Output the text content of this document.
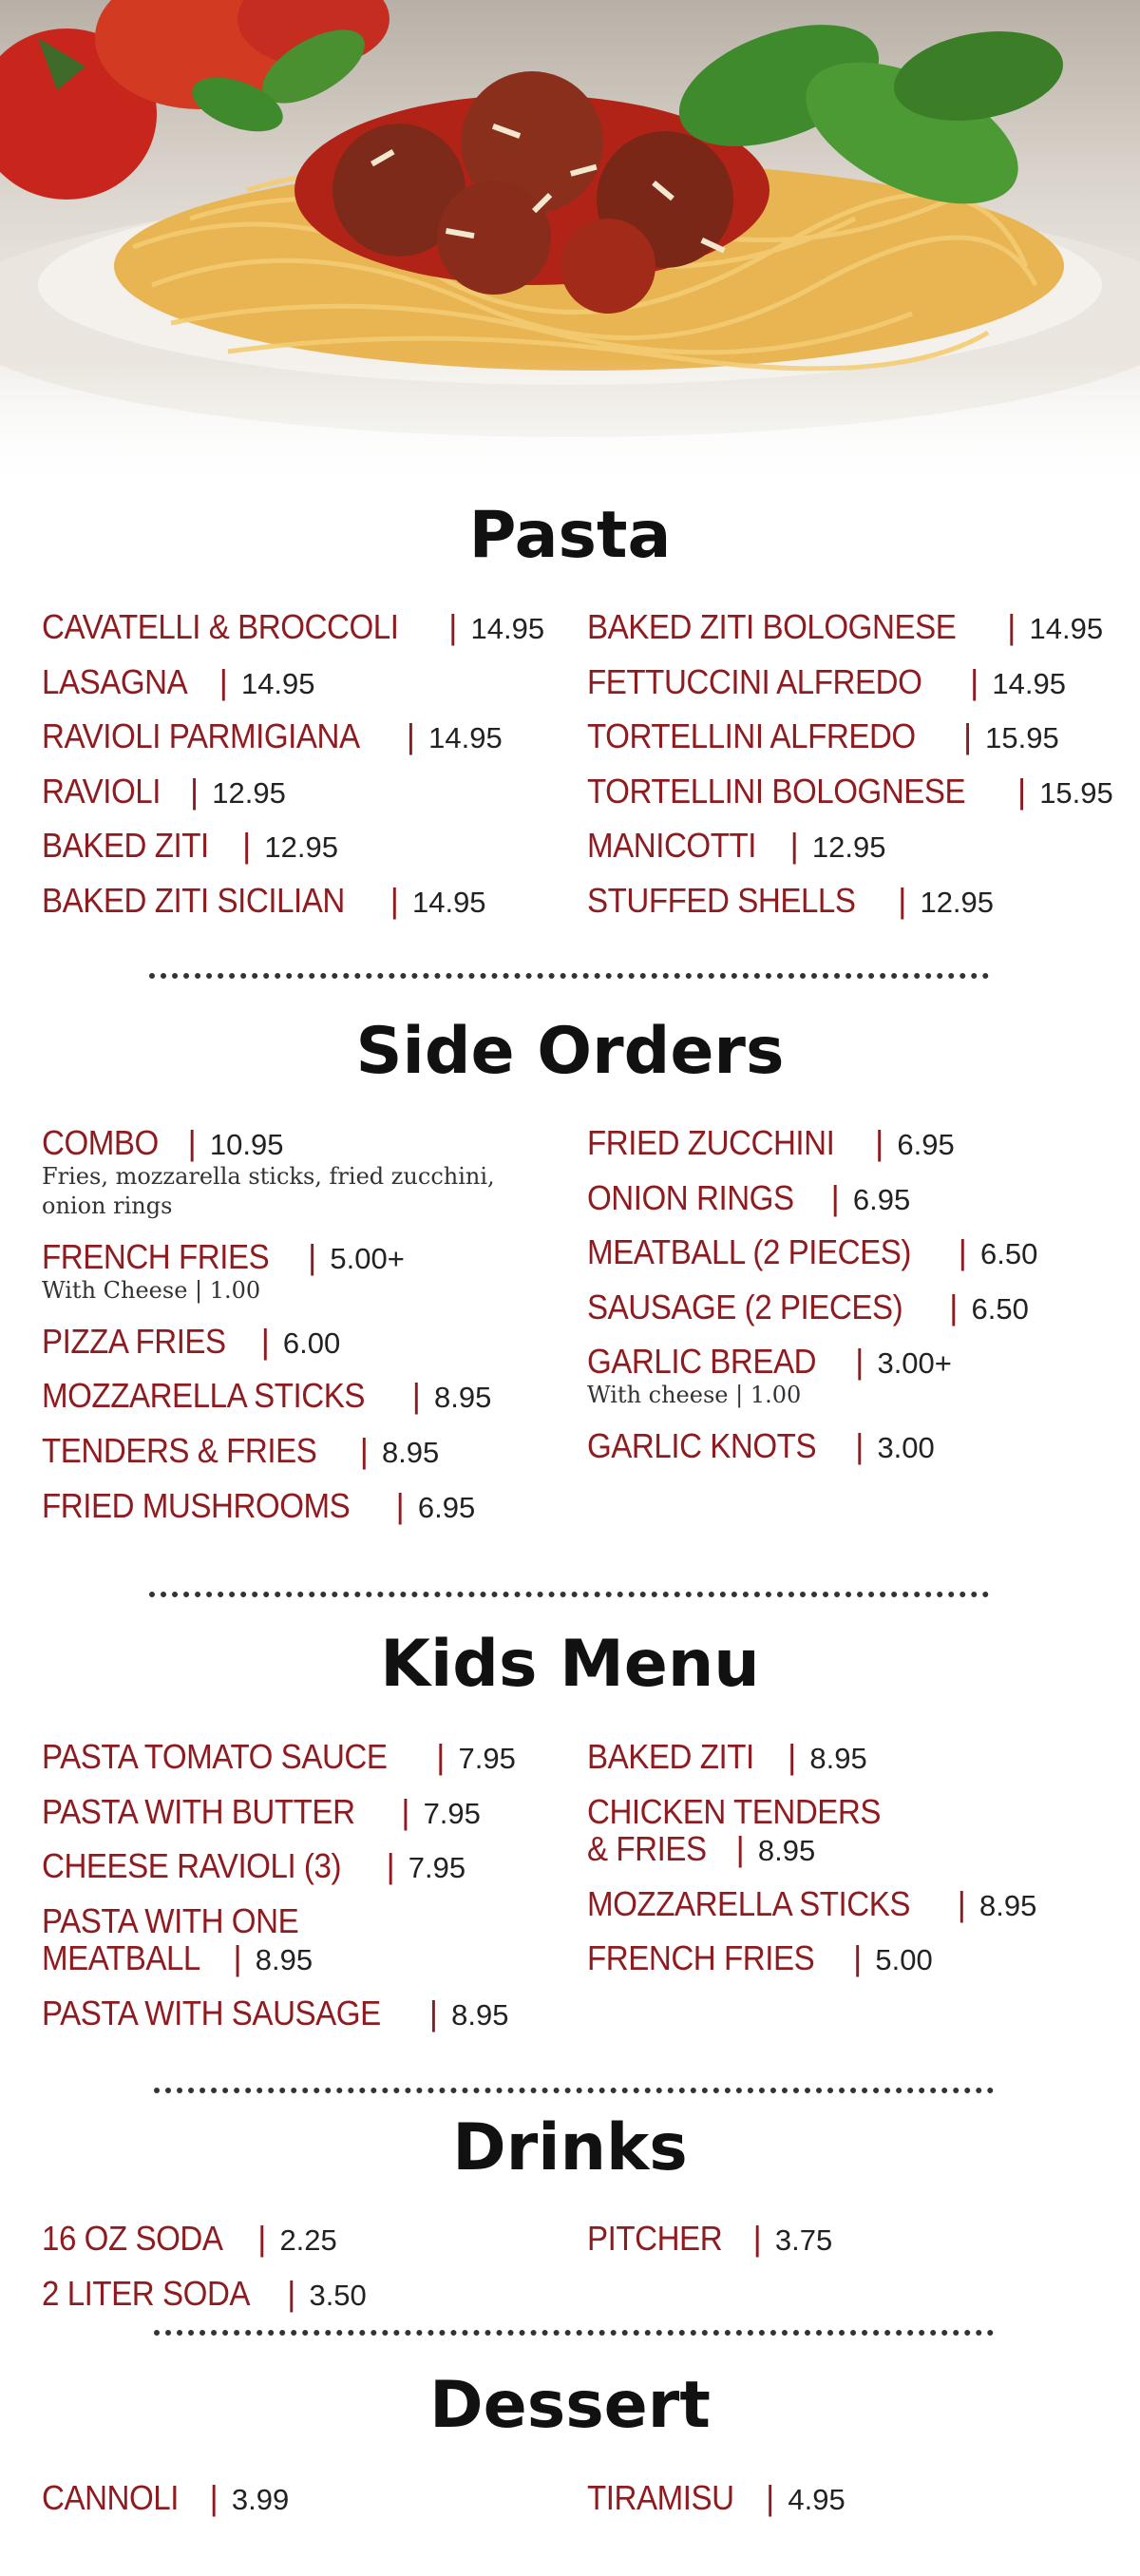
Pasta
CAVATELLI & BROCCOLI  | 14.95
LASAGNA  | 14.95
RAVIOLI PARMIGIANA  | 14.95
RAVIOLI  | 12.95
BAKED ZITI  | 12.95
BAKED ZITI SICILIAN  | 14.95
BAKED ZITI BOLOGNESE  | 14.95
FETTUCCINI ALFREDO  | 14.95
TORTELLINI ALFREDO  | 15.95
TORTELLINI BOLOGNESE  | 15.95
MANICOTTI  | 12.95
STUFFED SHELLS  | 12.95
Side Orders
COMBO  | 10.95
Fries, mozzarella sticks, fried zucchini, onion rings
FRENCH FRIES  | 5.00+
With Cheese | 1.00
PIZZA FRIES  | 6.00
MOZZARELLA STICKS  | 8.95
TENDERS & FRIES  | 8.95
FRIED MUSHROOMS  | 6.95
FRIED ZUCCHINI  | 6.95
ONION RINGS  | 6.95
MEATBALL (2 PIECES)  | 6.50
SAUSAGE (2 PIECES)  | 6.50
GARLIC BREAD  | 3.00+
With cheese | 1.00
GARLIC KNOTS  | 3.00
Kids Menu
PASTA TOMATO SAUCE  | 7.95
PASTA WITH BUTTER  | 7.95
CHEESE RAVIOLI (3)  | 7.95
PASTA WITH ONE
MEATBALL  | 8.95
PASTA WITH SAUSAGE  | 8.95
BAKED ZITI  | 8.95
CHICKEN TENDERS
& FRIES  | 8.95
MOZZARELLA STICKS  | 8.95
FRENCH FRIES  | 5.00
Drinks
16 OZ SODA  | 2.25
2 LITER SODA  | 3.50
PITCHER  | 3.75
Dessert
CANNOLI  | 3.99	TIRAMISU  | 4.95
